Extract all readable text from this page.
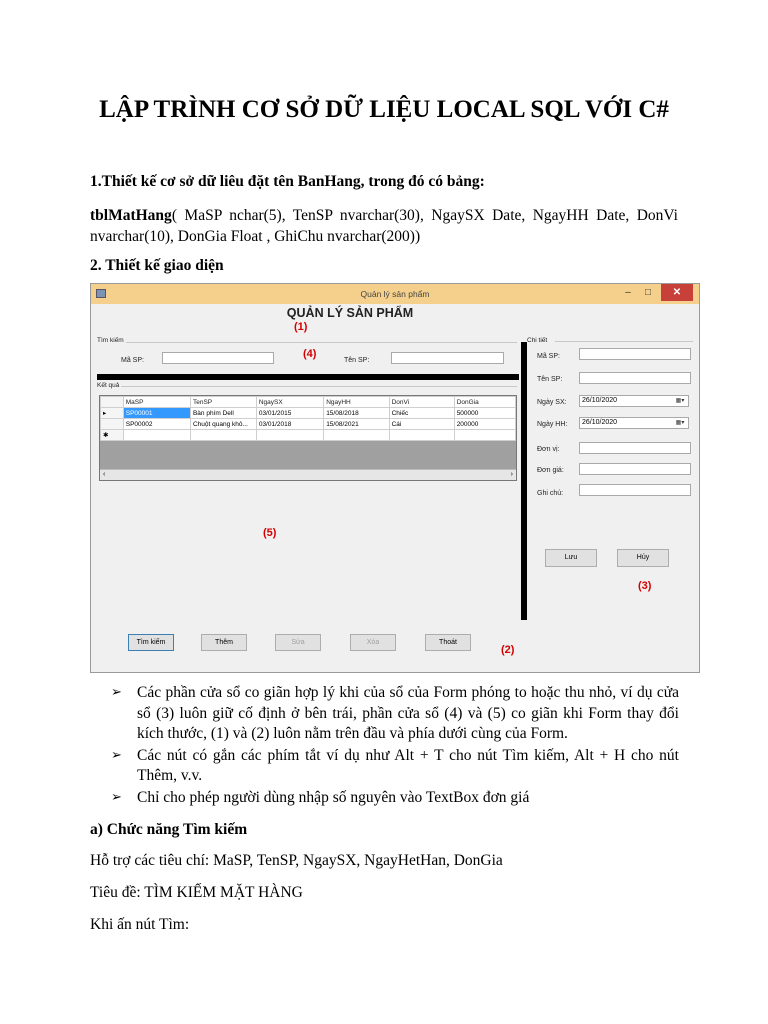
LẬP TRÌNH CƠ SỞ DỮ LIỆU LOCAL SQL VỚI C#
1.Thiết kế cơ sở dữ liêu đặt tên BanHang, trong đó có bảng:
tblMatHang( MaSP nchar(5), TenSP nvarchar(30), NgaySX Date, NgayHH Date, DonVi nvarchar(10), DonGia Float , GhiChu nvarchar(200))
2. Thiết kế giao diện
Quản lý sản phẩm	–	□	✕
QUẢN LÝ SẢN PHẨM
(1)
Tìm kiếm
Mã SP:
(4)
Tên SP:
Kết quả
	MaSP	TenSP	NgaySX	NgayHH	DonVi	DonGia
▸	SP00001	Bàn phím Dell	03/01/2015	15/08/2018	Chiếc	500000
	SP00002	Chuột quang khô...	03/01/2018	15/08/2021	Cái	200000
✱						
‹	›
(5)
Chi tiết
Mã SP:
Tên SP:
Ngày SX:	26/10/2020	▦▾
Ngày HH:	26/10/2020	▦▾
Đơn vị:
Đơn giá:
Ghi chú:
Lưu	Hủy
(3)
Tìm kiếm	Thêm	Sửa	Xóa	Thoát
(2)
➢ Các phần cửa sổ co giãn hợp lý khi của sổ của Form phóng to hoặc thu nhỏ, ví dụ cửa sổ (3) luôn giữ cố định ở bên trái, phần cửa sổ (4) và (5) co giãn khi Form thay đổi kích thước, (1) và (2) luôn nằm trên đầu và phía dưới cùng của Form.
➢ Các nút có gắn các phím tắt ví dụ như Alt + T cho nút Tìm kiếm, Alt + H cho nút Thêm, v.v.
➢ Chỉ cho phép người dùng nhập số nguyên vào TextBox đơn giá
a) Chức năng Tìm kiếm
Hỗ trợ các tiêu chí: MaSP, TenSP, NgaySX, NgayHetHan, DonGia
Tiêu đề: TÌM KIẾM MẶT HÀNG
Khi ấn nút Tìm:
